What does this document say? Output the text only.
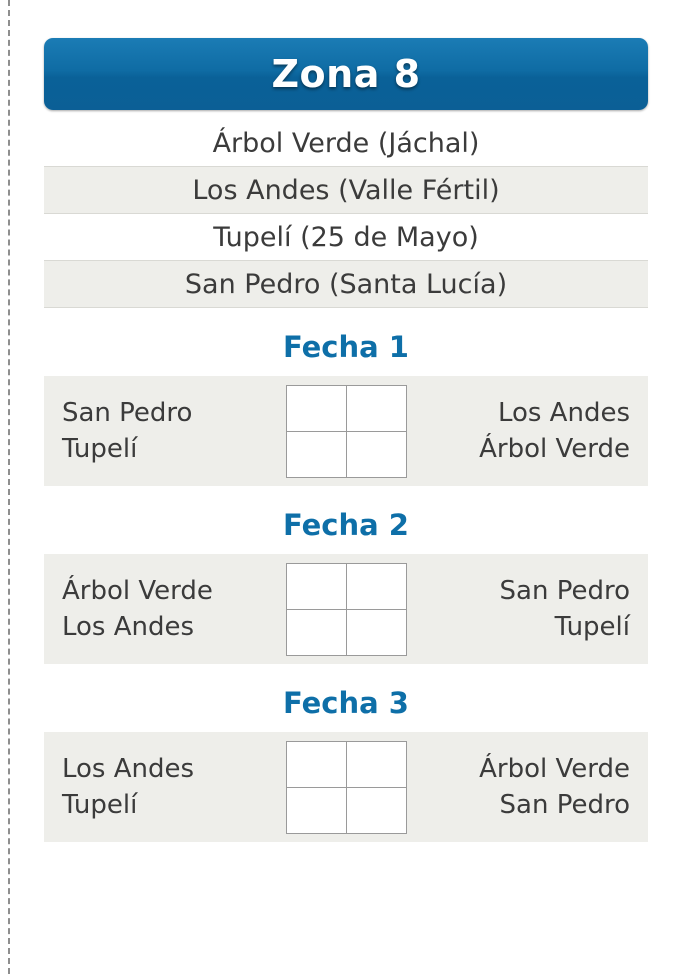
Zona 8
Árbol Verde (Jáchal)
Los Andes (Valle Fértil)
Tupelí (25 de Mayo)
San Pedro (Santa Lucía)
Fecha 1
San Pedro
Tupelí
Los Andes
Árbol Verde
Fecha 2
Árbol Verde
Los Andes
San Pedro
Tupelí
Fecha 3
Los Andes
Tupelí
Árbol Verde
San Pedro
